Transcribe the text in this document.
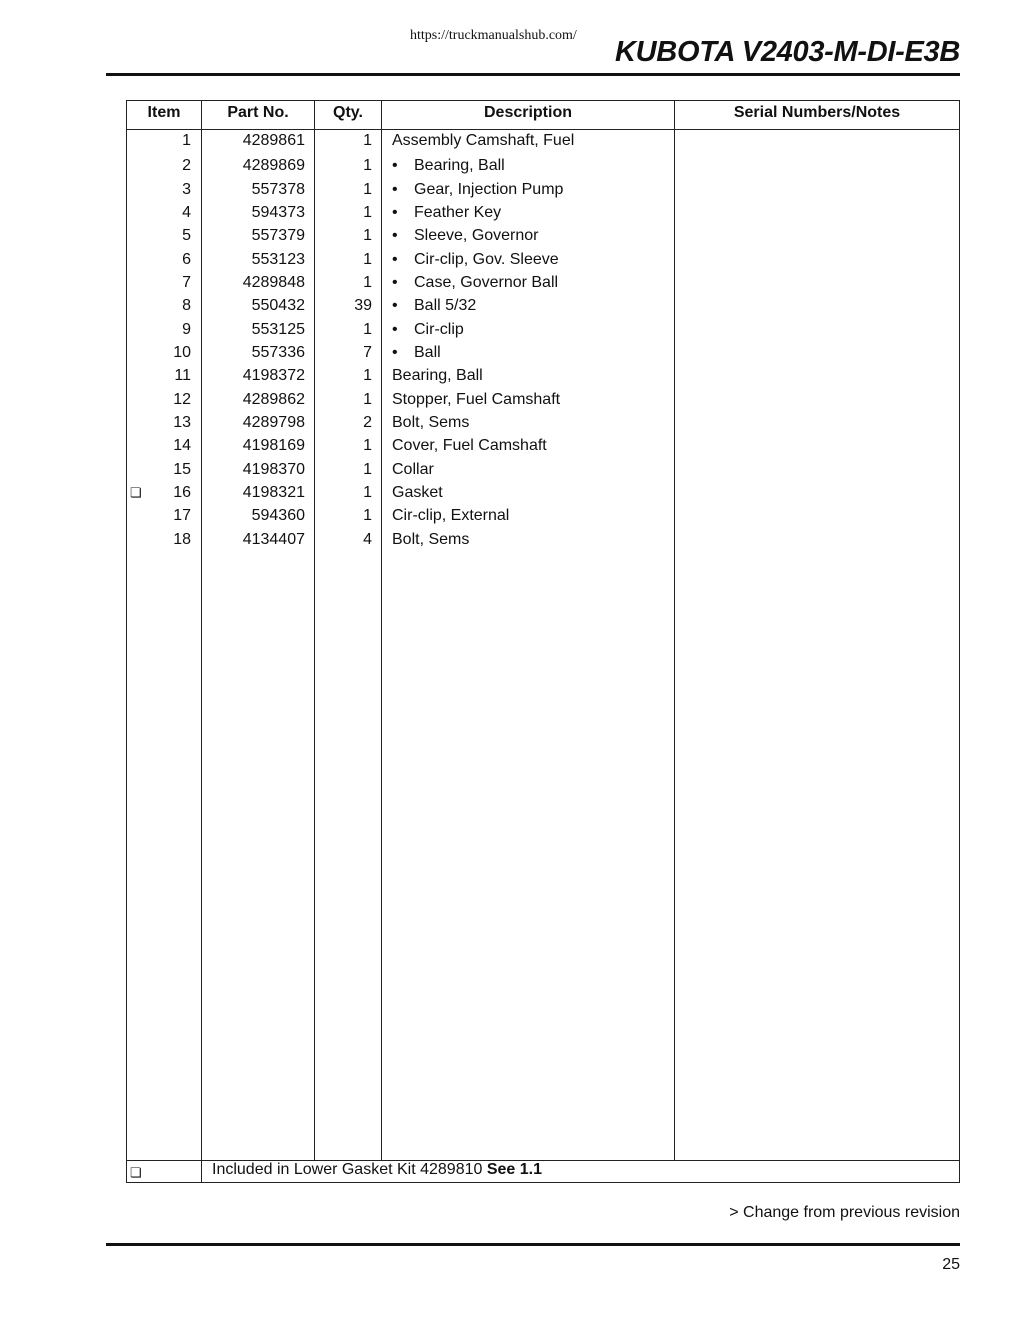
https://truckmanualshub.com/
KUBOTA V2403-M-DI-E3B
Item	Part No.	Qty.	Description	Serial Numbers/Notes
1	4289861	1 Assembly Camshaft, Fuel
2	4289869	1 • Bearing, Ball
3	557378	1 • Gear, Injection Pump
4	594373	1 • Feather Key
5	557379	1 • Sleeve, Governor
6	553123	1 • Cir-clip, Gov. Sleeve
7	4289848	1 • Case, Governor Ball
8	550432	39 • Ball 5/32
9	553125	1 • Cir-clip
10	557336	7 • Ball
11	4198372	1 Bearing, Ball
12	4289862	1 Stopper, Fuel Camshaft
13	4289798	2 Bolt, Sems
14	4198169	1 Cover, Fuel Camshaft
15	4198370	1 Collar
❏	16	4198321	1 Gasket
17	594360	1 Cir-clip, External
18	4134407	4 Bolt, Sems
❏	Included in Lower Gasket Kit 4289810 See 1.1
> Change from previous revision
25
